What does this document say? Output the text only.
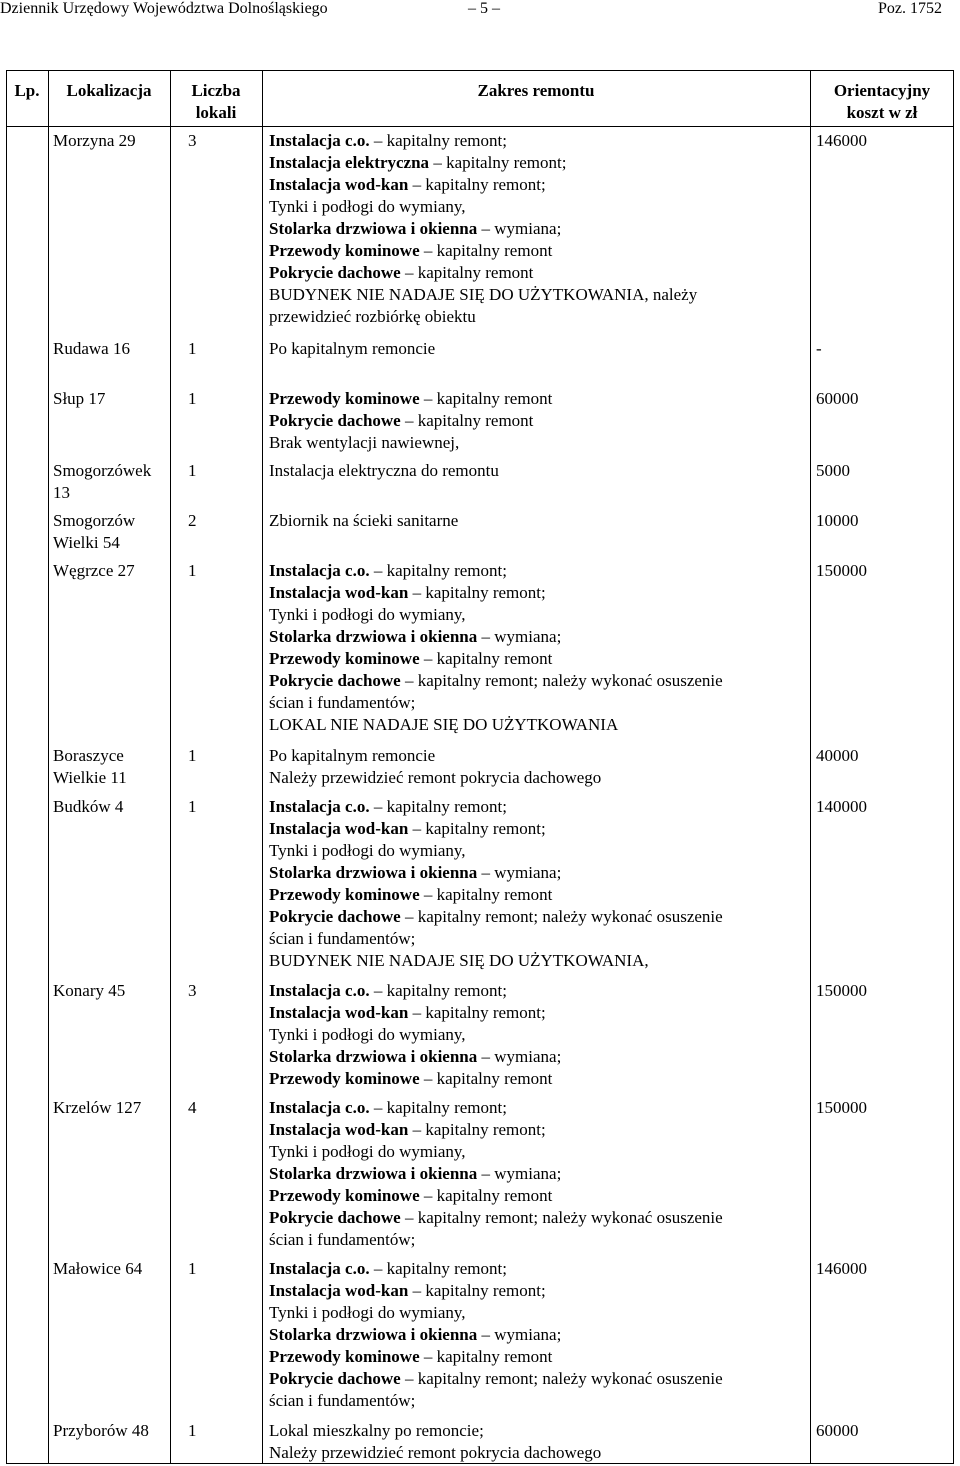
Dziennik Urzędowy Województwa Dolnośląskiego	– 5 –	Poz. 1752
Lp.	Lokalizacja	Liczba
lokali
Zakres remontu	Orientacyjny
koszt w zł
Morzyna 29	3	Instalacja c.o. – kapitalny remont;
Instalacja elektryczna – kapitalny remont;
Instalacja wod-kan – kapitalny remont;
Tynki i podłogi do wymiany,
Stolarka drzwiowa i okienna – wymiana;
Przewody kominowe – kapitalny remont
Pokrycie dachowe – kapitalny remont
BUDYNEK NIE NADAJE SIĘ DO UŻYTKOWANIA, należy
przewidzieć rozbiórkę obiektu
146000
Rudawa 16	1	Po kapitalnym remoncie	-
Słup 17	1	Przewody kominowe – kapitalny remont
Pokrycie dachowe – kapitalny remont
Brak wentylacji nawiewnej,
60000
Smogorzówek
13
1	Instalacja elektryczna do remontu	5000
Smogorzów
Wielki 54
2	Zbiornik na ścieki sanitarne	10000
Węgrzce 27	1	Instalacja c.o. – kapitalny remont;
Instalacja wod-kan – kapitalny remont;
Tynki i podłogi do wymiany,
Stolarka drzwiowa i okienna – wymiana;
Przewody kominowe – kapitalny remont
Pokrycie dachowe – kapitalny remont; należy wykonać osuszenie
ścian i fundamentów;
LOKAL NIE NADAJE SIĘ DO UŻYTKOWANIA
150000
Boraszyce
Wielkie 11
1	Po kapitalnym remoncie
Należy przewidzieć remont pokrycia dachowego
40000
Budków 4	1	Instalacja c.o. – kapitalny remont;
Instalacja wod-kan – kapitalny remont;
Tynki i podłogi do wymiany,
Stolarka drzwiowa i okienna – wymiana;
Przewody kominowe – kapitalny remont
Pokrycie dachowe – kapitalny remont; należy wykonać osuszenie
ścian i fundamentów;
BUDYNEK NIE NADAJE SIĘ DO UŻYTKOWANIA,
140000
Konary 45	3	Instalacja c.o. – kapitalny remont;
Instalacja wod-kan – kapitalny remont;
Tynki i podłogi do wymiany,
Stolarka drzwiowa i okienna – wymiana;
Przewody kominowe – kapitalny remont
150000
Krzelów 127	4	Instalacja c.o. – kapitalny remont;
Instalacja wod-kan – kapitalny remont;
Tynki i podłogi do wymiany,
Stolarka drzwiowa i okienna – wymiana;
Przewody kominowe – kapitalny remont
Pokrycie dachowe – kapitalny remont; należy wykonać osuszenie
ścian i fundamentów;
150000
Małowice 64	1	Instalacja c.o. – kapitalny remont;
Instalacja wod-kan – kapitalny remont;
Tynki i podłogi do wymiany,
Stolarka drzwiowa i okienna – wymiana;
Przewody kominowe – kapitalny remont
Pokrycie dachowe – kapitalny remont; należy wykonać osuszenie
ścian i fundamentów;
146000
Przyborów 48 1	Lokal mieszkalny po remoncie;
Należy przewidzieć remont pokrycia dachowego
60000
